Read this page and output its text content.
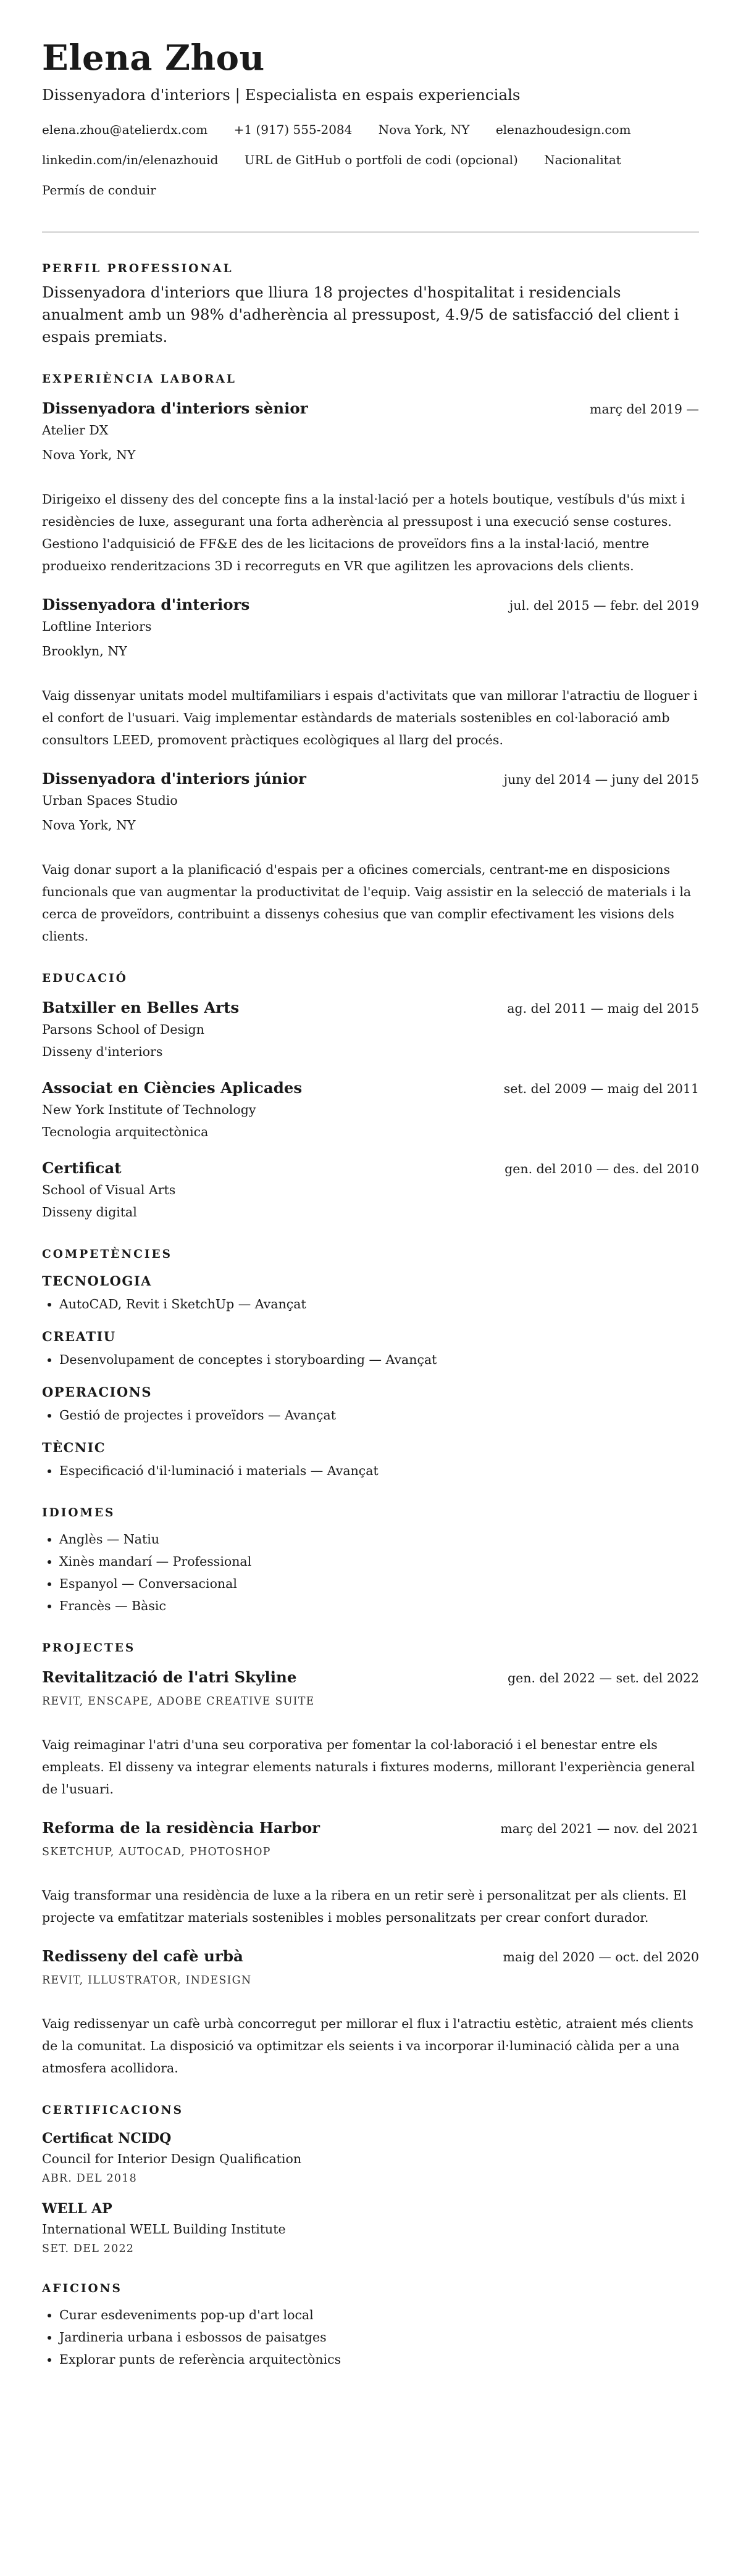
Elena Zhou
Dissenyadora d'interiors | Especialista en espais experiencials
elena.zhou@atelierdx.com +1 (917) 555-2084 Nova York, NY elenazhoudesign.com
linkedin.com/in/elenazhouid URL de GitHub o portfoli de codi (opcional) Nacionalitat
Permís de conduir
PERFIL PROFESSIONAL
Dissenyadora d'interiors que lliura 18 projectes d'hospitalitat i residencials anualment amb un 98% d'adherència al pressupost, 4.9/5 de satisfacció del client i espais premiats.
EXPERIÈNCIA LABORAL
Dissenyadora d'interiors sènior	març del 2019 —
Atelier DX
Nova York, NY
Dirigeixo el disseny des del concepte fins a la instal·lació per a hotels boutique, vestíbuls d'ús mixt i residències de luxe, assegurant una forta adherència al pressupost i una execució sense costures. Gestiono l'adquisició de FF&E des de les licitacions de proveïdors fins a la instal·lació, mentre produeixo renderitzacions 3D i recorreguts en VR que agilitzen les aprovacions dels clients.
Dissenyadora d'interiors	jul. del 2015 — febr. del 2019
Loftline Interiors
Brooklyn, NY
Vaig dissenyar unitats model multifamiliars i espais d'activitats que van millorar l'atractiu de lloguer i el confort de l'usuari. Vaig implementar estàndards de materials sostenibles en col·laboració amb consultors LEED, promovent pràctiques ecològiques al llarg del procés.
Dissenyadora d'interiors júnior	juny del 2014 — juny del 2015
Urban Spaces Studio
Nova York, NY
Vaig donar suport a la planificació d'espais per a oficines comercials, centrant-me en disposicions funcionals que van augmentar la productivitat de l'equip. Vaig assistir en la selecció de materials i la cerca de proveïdors, contribuint a dissenys cohesius que van complir efectivament les visions dels clients.
EDUCACIÓ
Batxiller en Belles Arts	ag. del 2011 — maig del 2015
Parsons School of Design
Disseny d'interiors
Associat en Ciències Aplicades	set. del 2009 — maig del 2011
New York Institute of Technology
Tecnologia arquitectònica
Certificat	gen. del 2010 — des. del 2010
School of Visual Arts
Disseny digital
COMPETÈNCIES
TECNOLOGIA
• AutoCAD, Revit i SketchUp — Avançat
CREATIU
• Desenvolupament de conceptes i storyboarding — Avançat
OPERACIONS
• Gestió de projectes i proveïdors — Avançat
TÈCNIC
• Especificació d'il·luminació i materials — Avançat
IDIOMES
• Anglès — Natiu
• Xinès mandarí — Professional
• Espanyol — Conversacional
• Francès — Bàsic
PROJECTES
Revitalització de l'atri Skyline	gen. del 2022 — set. del 2022
REVIT, ENSCAPE, ADOBE CREATIVE SUITE
Vaig reimaginar l'atri d'una seu corporativa per fomentar la col·laboració i el benestar entre els empleats. El disseny va integrar elements naturals i fixtures moderns, millorant l'experiència general de l'usuari.
Reforma de la residència Harbor	març del 2021 — nov. del 2021
SKETCHUP, AUTOCAD, PHOTOSHOP
Vaig transformar una residència de luxe a la ribera en un retir serè i personalitzat per als clients. El projecte va emfatitzar materials sostenibles i mobles personalitzats per crear confort durador.
Redisseny del cafè urbà	maig del 2020 — oct. del 2020
REVIT, ILLUSTRATOR, INDESIGN
Vaig redissenyar un cafè urbà concorregut per millorar el flux i l'atractiu estètic, atraient més clients de la comunitat. La disposició va optimitzar els seients i va incorporar il·luminació càlida per a una atmosfera acollidora.
CERTIFICACIONS
Certificat NCIDQ
Council for Interior Design Qualification
ABR. DEL 2018
WELL AP
International WELL Building Institute
SET. DEL 2022
AFICIONS
• Curar esdeveniments pop-up d'art local
• Jardineria urbana i esbossos de paisatges
• Explorar punts de referència arquitectònics
